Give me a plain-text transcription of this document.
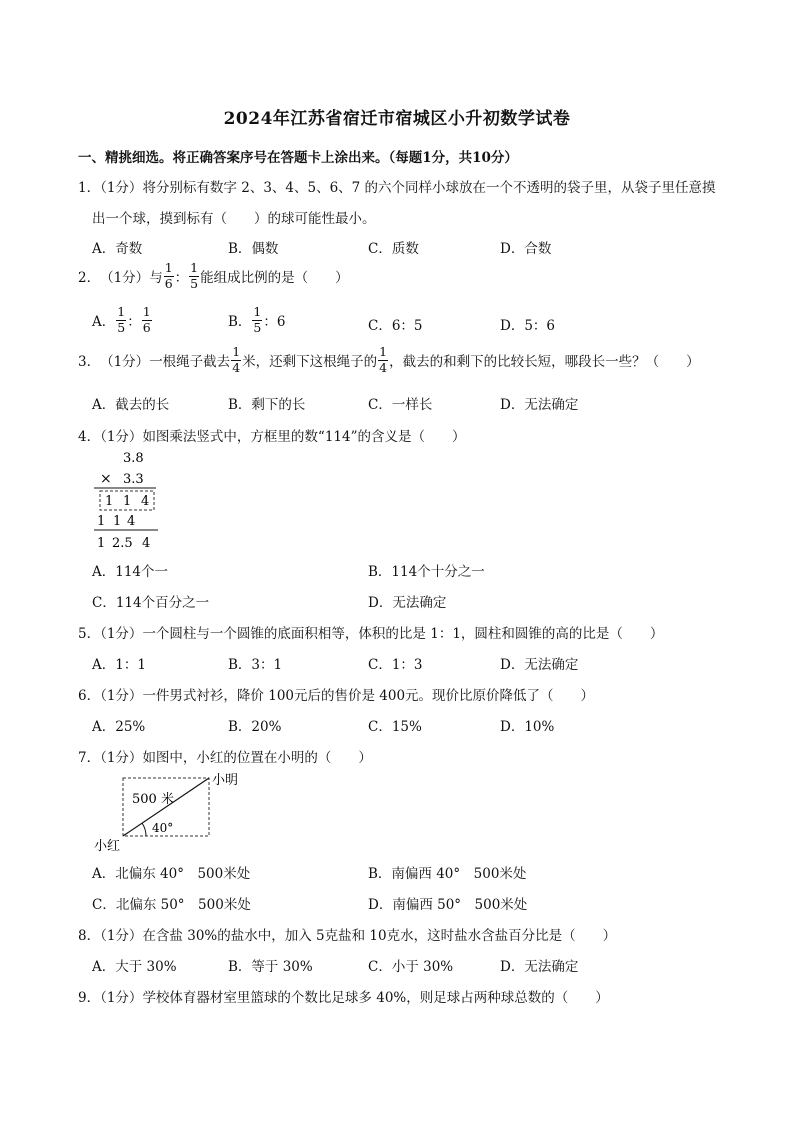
2024年江苏省宿迁市宿城区小升初数学试卷
一、精挑细选。将正确答案序号在答题卡上涂出来。（每题1分，共10分）
1．（1分）将分别标有数字 2、3、4、5、6、7 的六个同样小球放在一个不透明的袋子里，从袋子里任意摸
出一个球，摸到标有（　　）的球可能性最小。
A．奇数	B．偶数	C．质数	D．合数
2．（1分）与 $\frac{1}{6}$ ： $\frac{1}{5}$ 能组成比例的是（　　）
A． $\frac{1}{5}$ ： $\frac{1}{6}$	B． $\frac{1}{5}$ ：6	C．6：5	D．5：6
3．（1分）一根绳子截去 $\frac{1}{4}$ 米，还剩下这根绳子的 $\frac{1}{4}$ ，截去的和剩下的比较长短，哪段长一些？（　　）
A．截去的长	B．剩下的长	C．一样长	D．无法确定
4．（1分）如图乘法竖式中，方框里的数“114”的含义是（　　）
3.8
× 3.3
1 1 4
1 1 4
1 2.5 4
A．114个一	B．114个十分之一
C．114个百分之一	D．无法确定
5．（1分）一个圆柱与一个圆锥的底面积相等，体积的比是 1：1，圆柱和圆锥的高的比是（　　）
A．1：1	B．3：1	C．1：3	D．无法确定
6．（1分）一件男式衬衫，降价 100元后的售价是 400元。现价比原价降低了（　　）
A．25%	B．20%	C．15%	D．10%
7．（1分）如图中，小红的位置在小明的（　　）
500 米
40°
小明
小红
A．北偏东 40°　500米处	B．南偏西 40°　500米处
C．北偏东 50°　500米处	D．南偏西 50°　500米处
8．（1分）在含盐 30%的盐水中，加入 5克盐和 10克水，这时盐水含盐百分比是（　　）
A．大于 30%	B．等于 30%	C．小于 30%	D．无法确定
9．（1分）学校体育器材室里篮球的个数比足球多 40%，则足球占两种球总数的（　　）
